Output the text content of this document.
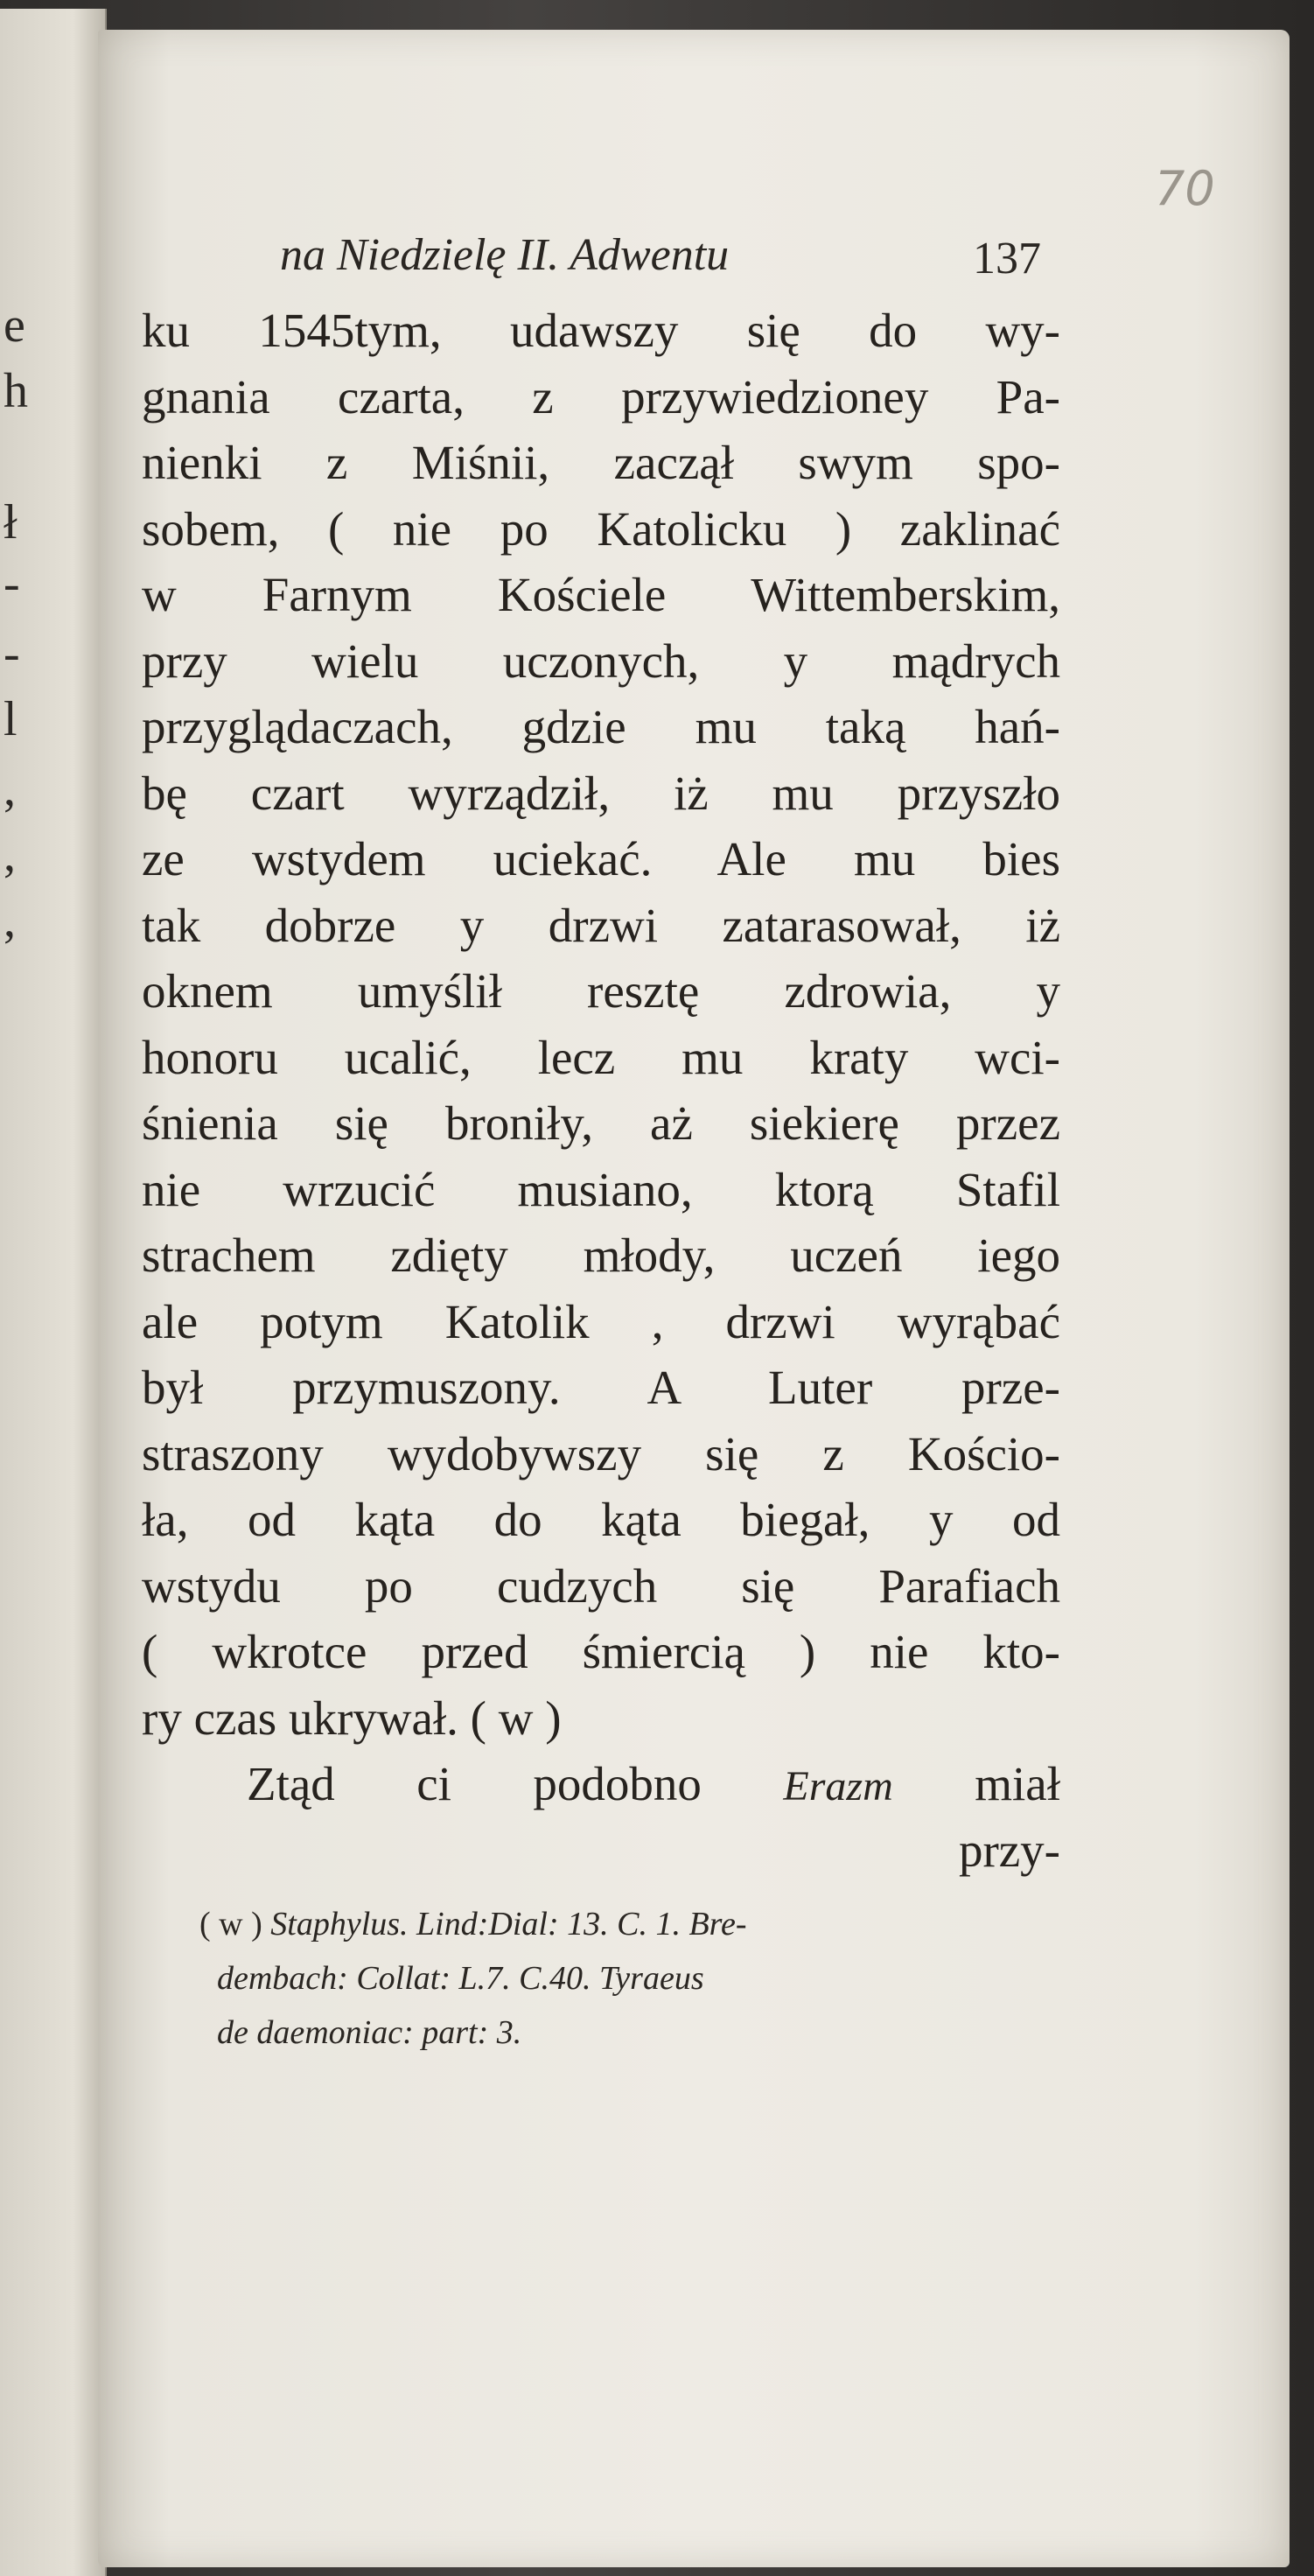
e
h
ł
-
-
l
,
,
,
70
na Niedzielę II. Adwentu	137
ku 1545tym, udawszy się do wy-
gnania czarta, z przywiedzioney Pa-
nienki z Miśnii, zaczął swym spo-
sobem, ( nie po Katolicku ) zaklinać
w Farnym Kościele Wittemberskim,
przy wielu uczonych, y mądrych
przyglądaczach, gdzie mu taką hań-
bę czart wyrządził, iż mu przyszło
ze wstydem uciekać. Ale mu bies
tak dobrze y drzwi zatarasował, iż
oknem umyślił resztę zdrowia, y
honoru ucalić, lecz mu kraty wci-
śnienia się broniły, aż siekierę przez
nie wrzucić musiano, ktorą Stafil
strachem zdięty młody, uczeń iego
ale potym Katolik , drzwi wyrąbać
był przymuszony. A Luter prze-
straszony wydobywszy się z Kościo-
ła, od kąta do kąta biegał, y od
wstydu po cudzych się Parafiach
( wkrotce przed śmiercią ) nie kto-
ry czas ukrywał. ( w )
Ztąd ci podobno Erazm miał
przy-
( w ) Staphylus. Lind:Dial: 13. C. 1. Bre-
dembach: Collat: L.7. C.40. Tyraeus
de daemoniac: part: 3.
